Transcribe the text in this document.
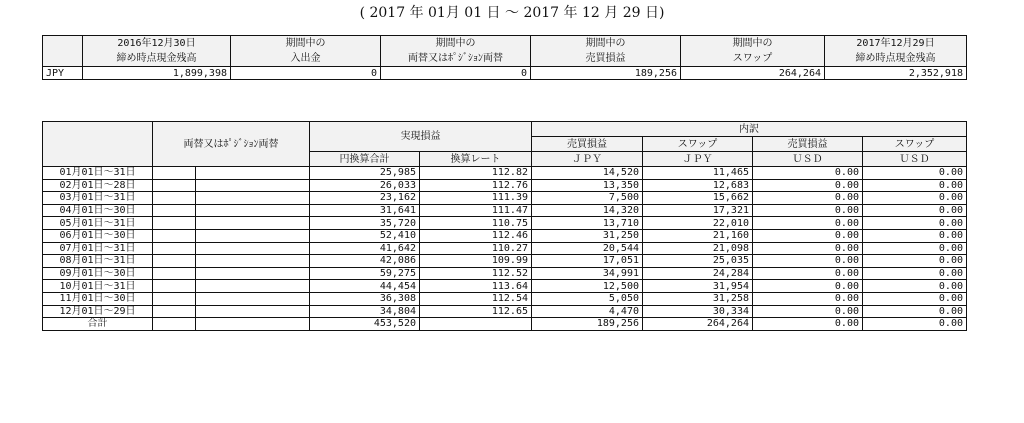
( 2017 年 01月 01 日 ～ 2017 年 12 月 29 日)
	2016年12月30日	期間中の	期間中の	期間中の	期間中の	2017年12月29日
	締め時点現金残高	入出金	両替又はﾎﾟｼﾞｼｮﾝ両替	売買損益	スワップ	締め時点現金残高
JPY	1,899,398	0	0	189,256	264,264	2,352,918
	両替又はﾎﾟｼﾞｼｮﾝ両替		実現損益		内訳			
					売買損益	スワップ	売買損益	スワップ
			円換算合計	換算レート	ＪＰＹ	ＪＰＹ	ＵＳＤ	ＵＳＤ
01月01日～31日			25,985	112.82	14,520	11,465	0.00	0.00
02月01日～28日			26,033	112.76	13,350	12,683	0.00	0.00
03月01日～31日			23,162	111.39	7,500	15,662	0.00	0.00
04月01日～30日			31,641	111.47	14,320	17,321	0.00	0.00
05月01日～31日			35,720	110.75	13,710	22,010	0.00	0.00
06月01日～30日			52,410	112.46	31,250	21,160	0.00	0.00
07月01日～31日			41,642	110.27	20,544	21,098	0.00	0.00
08月01日～31日			42,086	109.99	17,051	25,035	0.00	0.00
09月01日～30日			59,275	112.52	34,991	24,284	0.00	0.00
10月01日～31日			44,454	113.64	12,500	31,954	0.00	0.00
11月01日～30日			36,308	112.54	5,050	31,258	0.00	0.00
12月01日～29日			34,804	112.65	4,470	30,334	0.00	0.00
合計			453,520		189,256	264,264	0.00	0.00
